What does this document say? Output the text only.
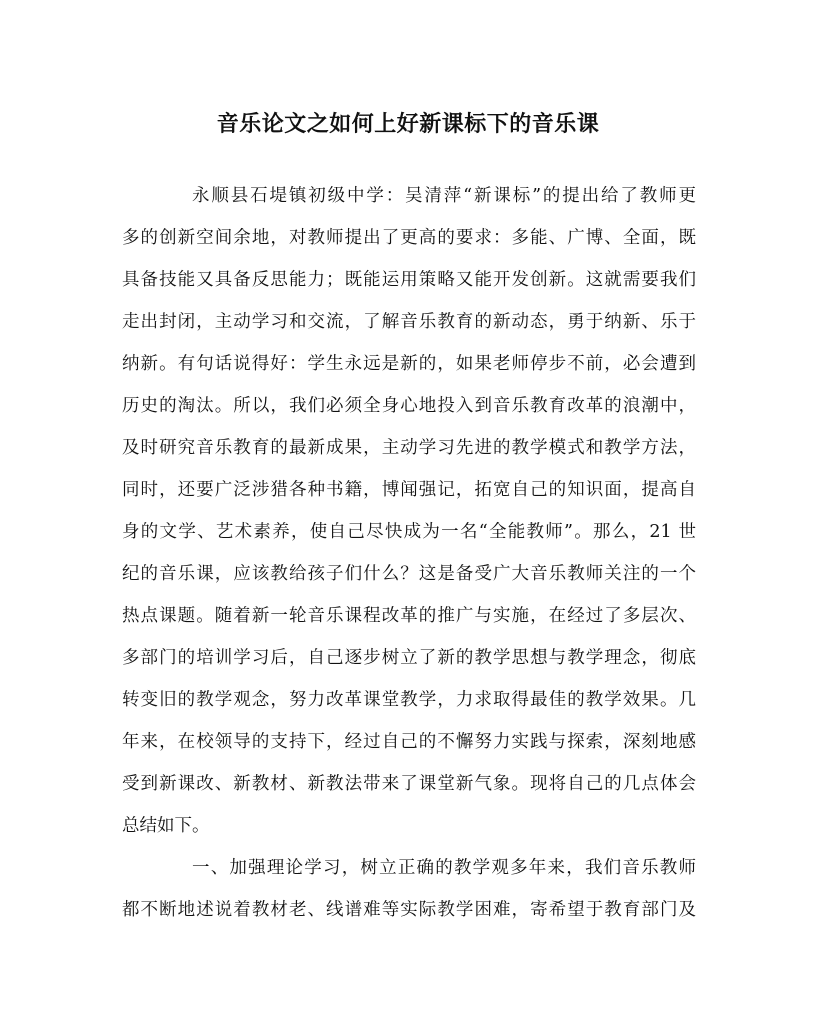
音乐论文之如何上好新课标下的音乐课
永顺县石堤镇初级中学：吴清萍“新课标”的提出给了教师更
多的创新空间余地，对教师提出了更高的要求：多能、广博、全面，既
具备技能又具备反思能力；既能运用策略又能开发创新。这就需要我们
走出封闭，主动学习和交流，了解音乐教育的新动态，勇于纳新、乐于
纳新。有句话说得好：学生永远是新的，如果老师停步不前，必会遭到
历史的淘汰。所以，我们必须全身心地投入到音乐教育改革的浪潮中，
及时研究音乐教育的最新成果，主动学习先进的教学模式和教学方法，
同时，还要广泛涉猎各种书籍，博闻强记，拓宽自己的知识面，提高自
身的文学、艺术素养，使自己尽快成为一名“全能教师”。那么，21 世
纪的音乐课，应该教给孩子们什么？这是备受广大音乐教师关注的一个
热点课题。随着新一轮音乐课程改革的推广与实施，在经过了多层次、
多部门的培训学习后，自己逐步树立了新的教学思想与教学理念，彻底
转变旧的教学观念，努力改革课堂教学，力求取得最佳的教学效果。几
年来，在校领导的支持下，经过自己的不懈努力实践与探索，深刻地感
受到新课改、新教材、新教法带来了课堂新气象。现将自己的几点体会
总结如下。
一、加强理论学习，树立正确的教学观多年来，我们音乐教师
都不断地述说着教材老、线谱难等实际教学困难，寄希望于教育部门及
